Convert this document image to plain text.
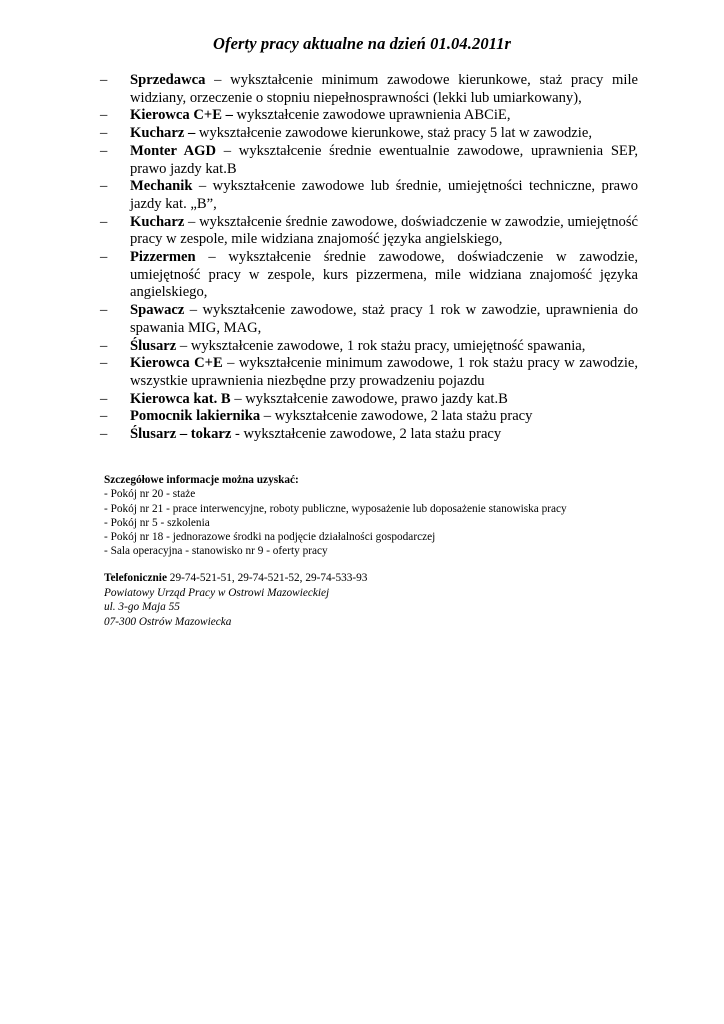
Oferty pracy aktualne na dzień 01.04.2011r
– Sprzedawca – wykształcenie minimum zawodowe kierunkowe, staż pracy mile widziany, orzeczenie o stopniu niepełnosprawności (lekki lub umiarkowany),
– Kierowca C+E – wykształcenie zawodowe uprawnienia ABCiE,
– Kucharz – wykształcenie zawodowe kierunkowe, staż pracy 5 lat w zawodzie,
– Monter AGD – wykształcenie średnie ewentualnie zawodowe, uprawnienia SEP, prawo jazdy kat.B
– Mechanik – wykształcenie zawodowe lub średnie, umiejętności techniczne, prawo jazdy kat. „B”,
– Kucharz – wykształcenie średnie zawodowe, doświadczenie w zawodzie, umiejętność pracy w zespole, mile widziana znajomość języka angielskiego,
– Pizzermen – wykształcenie średnie zawodowe, doświadczenie w zawodzie, umiejętność pracy w zespole, kurs pizzermena, mile widziana znajomość języka angielskiego,
– Spawacz – wykształcenie zawodowe, staż pracy 1 rok w zawodzie, uprawnienia do spawania MIG, MAG,
– Ślusarz – wykształcenie zawodowe, 1 rok stażu pracy, umiejętność spawania,
– Kierowca C+E – wykształcenie minimum zawodowe, 1 rok stażu pracy w zawodzie, wszystkie uprawnienia niezbędne przy prowadzeniu pojazdu
– Kierowca kat. B – wykształcenie zawodowe, prawo jazdy kat.B
– Pomocnik lakiernika – wykształcenie zawodowe, 2 lata stażu pracy
– Ślusarz – tokarz - wykształcenie zawodowe, 2 lata stażu pracy
Szczegółowe informacje można uzyskać:
- Pokój nr 20 - staże
- Pokój nr 21 - prace interwencyjne, roboty publiczne, wyposażenie lub doposażenie stanowiska pracy
- Pokój nr 5 - szkolenia
- Pokój nr 18 - jednorazowe środki na podjęcie działalności gospodarczej
- Sala operacyjna - stanowisko nr 9 - oferty pracy
Telefonicznie 29-74-521-51, 29-74-521-52, 29-74-533-93
Powiatowy Urząd Pracy w Ostrowi Mazowieckiej
ul. 3-go Maja 55
07-300 Ostrów Mazowiecka
